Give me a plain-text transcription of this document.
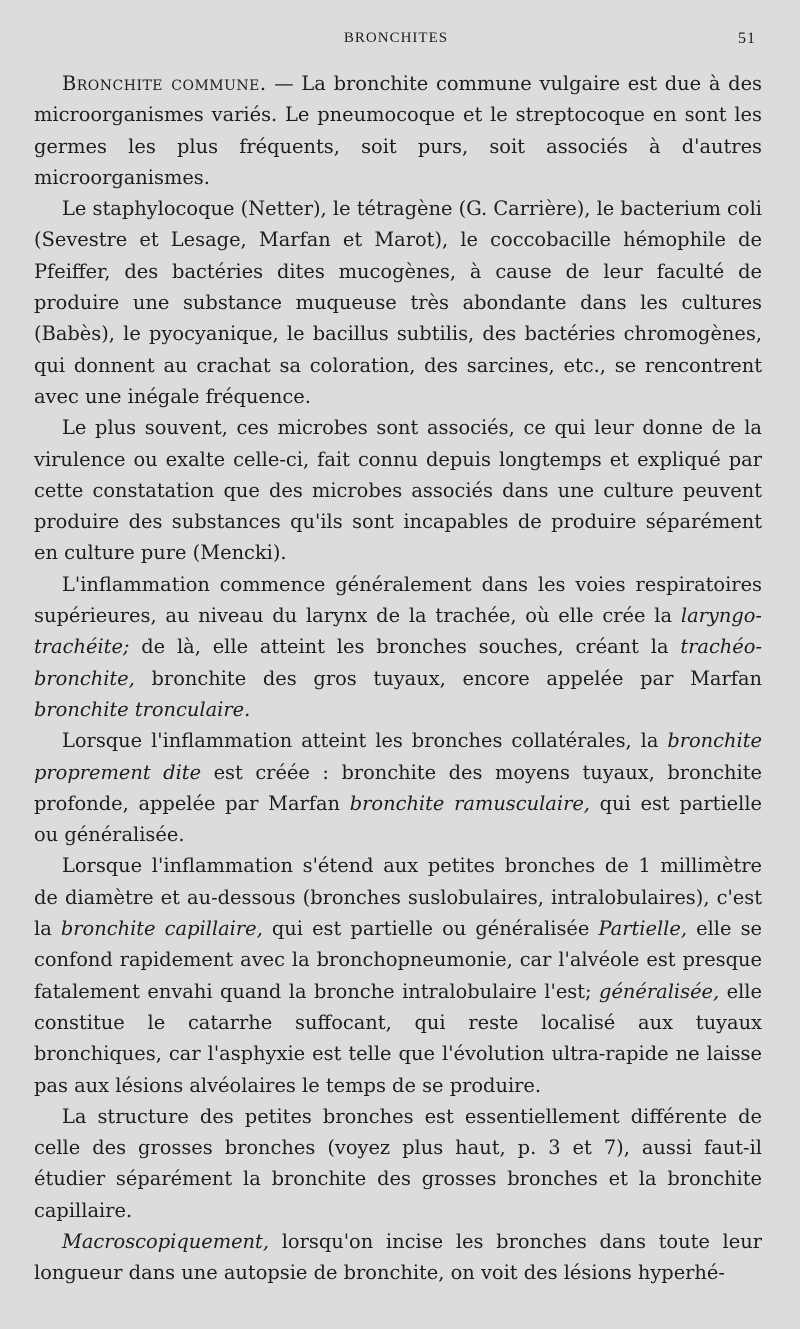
BRONCHITES	51

Bronchite commune. — La bronchite commune vulgaire est due à des microorganismes variés. Le pneumocoque et le streptocoque en sont les germes les plus fréquents, soit purs, soit associés à d'autres microorganismes.

Le staphylocoque (Netter), le tétragène (G. Carrière), le bacterium coli (Sevestre et Lesage, Marfan et Marot), le coccobacille hémophile de Pfeiffer, des bactéries dites mucogènes, à cause de leur faculté de produire une substance muqueuse très abondante dans les cultures (Babès), le pyocyanique, le bacillus subtilis, des bactéries chromogènes, qui donnent au crachat sa coloration, des sarcines, etc., se rencontrent avec une inégale fréquence.

Le plus souvent, ces microbes sont associés, ce qui leur donne de la virulence ou exalte celle-ci, fait connu depuis longtemps et expliqué par cette constatation que des microbes associés dans une culture peuvent produire des substances qu'ils sont incapables de produire séparément en culture pure (Mencki).

L'inflammation commence généralement dans les voies respiratoires supérieures, au niveau du larynx de la trachée, où elle crée la laryngo-trachéite; de là, elle atteint les bronches souches, créant la trachéo-bronchite, bronchite des gros tuyaux, encore appelée par Marfan bronchite tronculaire.

Lorsque l'inflammation atteint les bronches collatérales, la bronchite proprement dite est créée : bronchite des moyens tuyaux, bronchite profonde, appelée par Marfan bronchite ramusculaire, qui est partielle ou généralisée.

Lorsque l'inflammation s'étend aux petites bronches de 1 millimètre de diamètre et au-dessous (bronches suslobulaires, intralobulaires), c'est la bronchite capillaire, qui est partielle ou généralisée Partielle, elle se confond rapidement avec la bronchopneumonie, car l'alvéole est presque fatalement envahi quand la bronche intralobulaire l'est; généralisée, elle constitue le catarrhe suffocant, qui reste localisé aux tuyaux bronchiques, car l'asphyxie est telle que l'évolution ultra-rapide ne laisse pas aux lésions alvéolaires le temps de se produire.

La structure des petites bronches est essentiellement différente de celle des grosses bronches (voyez plus haut, p. 3 et 7), aussi faut-il étudier séparément la bronchite des grosses bronches et la bronchite capillaire.

Macroscopiquement, lorsqu'on incise les bronches dans toute leur longueur dans une autopsie de bronchite, on voit des lésions hyperhé-
